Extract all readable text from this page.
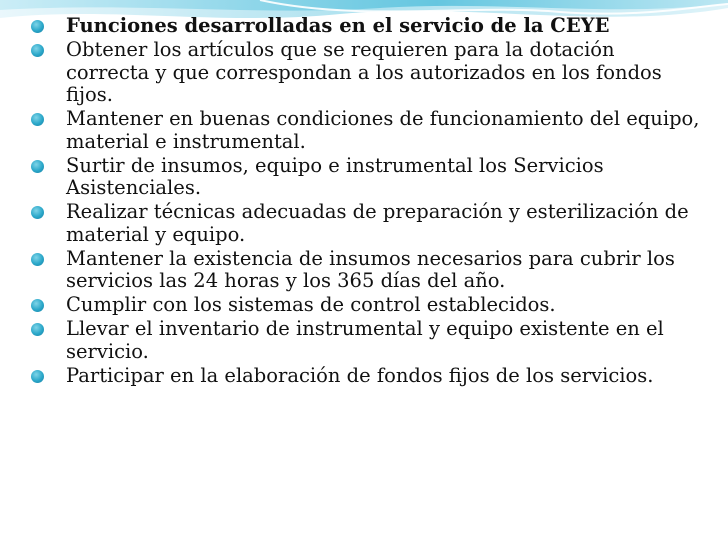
Funciones desarrolladas en el servicio de la CEYE
Obtener los artículos que se requieren para la dotación correcta y que correspondan a los autorizados en los fondos fijos.
Mantener en buenas condiciones de funcionamiento del equipo, material e instrumental.
Surtir de insumos, equipo e instrumental los Servicios Asistenciales.
Realizar técnicas adecuadas de preparación y esterilización de material y equipo.
Mantener la existencia de insumos necesarios para cubrir los servicios las 24 horas y los 365 días del año.
Cumplir con los sistemas de control establecidos.
Llevar el inventario de instrumental y equipo existente en el servicio.
Participar en la elaboración de fondos fijos de los servicios.
